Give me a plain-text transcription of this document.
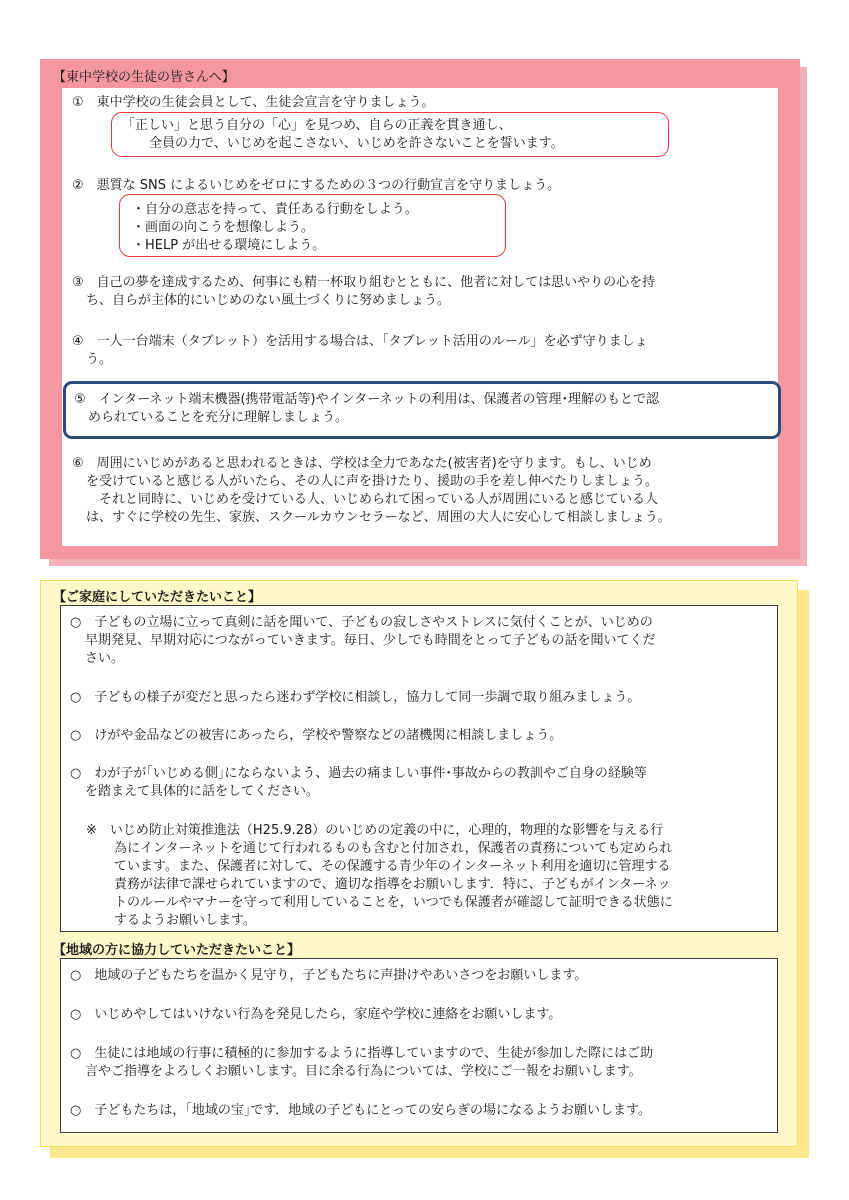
【東中学校の生徒の皆さんへ】
①　東中学校の生徒会員として、生徒会宣言を守りましょう。
「正しい」と思う自分の「心」を見つめ、自らの正義を貫き通し、
全員の力で、いじめを起こさない、いじめを許さないことを誓います。
②　悪質な SNS によるいじめをゼロにするための３つの行動宣言を守りましょう。
・自分の意志を持って、責任ある行動をしよう。
・画面の向こうを想像しよう。
・HELP が出せる環境にしよう。
③　自己の夢を達成するため、何事にも精一杯取り組むとともに、他者に対しては思いやりの心を持
ち、自らが主体的にいじめのない風土づくりに努めましょう。
④　一人一台端末（タブレット）を活用する場合は、「タブレット活用のルール」を必ず守りましょ
う。
⑤　インターネット端末機器(携帯電話等)やインターネットの利用は、保護者の管理･理解のもとで認
められていることを充分に理解しましょう。
⑥　周囲にいじめがあると思われるときは、学校は全力であなた(被害者)を守ります。もし、いじめ
を受けていると感じる人がいたら、その人に声を掛けたり、援助の手を差し伸べたりしましょう。
　それと同時に、いじめを受けている人、いじめられて困っている人が周囲にいると感じている人
は、すぐに学校の先生、家族、スクールカウンセラーなど、周囲の大人に安心して相談しましょう。
【ご家庭にしていただきたいこと】
○　子どもの立場に立って真剣に話を聞いて、子どもの寂しさやストレスに気付くことが、いじめの
早期発見、早期対応につながっていきます。毎日、少しでも時間をとって子どもの話を聞いてくだ
さい。
○　子どもの様子が変だと思ったら迷わず学校に相談し，協力して同一歩調で取り組みましょう。
○　けがや金品などの被害にあったら，学校や警察などの諸機関に相談しましょう。
○　わが子が｢いじめる側｣にならないよう、過去の痛ましい事件･事故からの教訓やご自身の経験等
を踏まえて具体的に話をしてください。
※　いじめ防止対策推進法（H25.9.28）のいじめの定義の中に，心理的，物理的な影響を与える行
為にインターネットを通じて行われるものも含むと付加され，保護者の責務についても定められ
ています。また、保護者に対して、その保護する青少年のインターネット利用を適切に管理する
責務が法律で課せられていますので、適切な指導をお願いします．特に、子どもがインターネッ
トのルールやマナーを守って利用していることを，いつでも保護者が確認して証明できる状態に
するようお願いします。
【地域の方に協力していただきたいこと】
○　地域の子どもたちを温かく見守り，子どもたちに声掛けやあいさつをお願いします。
○　いじめやしてはいけない行為を発見したら，家庭や学校に連絡をお願いします。
○　生徒には地域の行事に積極的に参加するように指導していますので、生徒が参加した際にはご助
言やご指導をよろしくお願いします。目に余る行為については、学校にご一報をお願いします。
○　子どもたちは，｢地域の宝｣です．地域の子どもにとっての安らぎの場になるようお願いします。
